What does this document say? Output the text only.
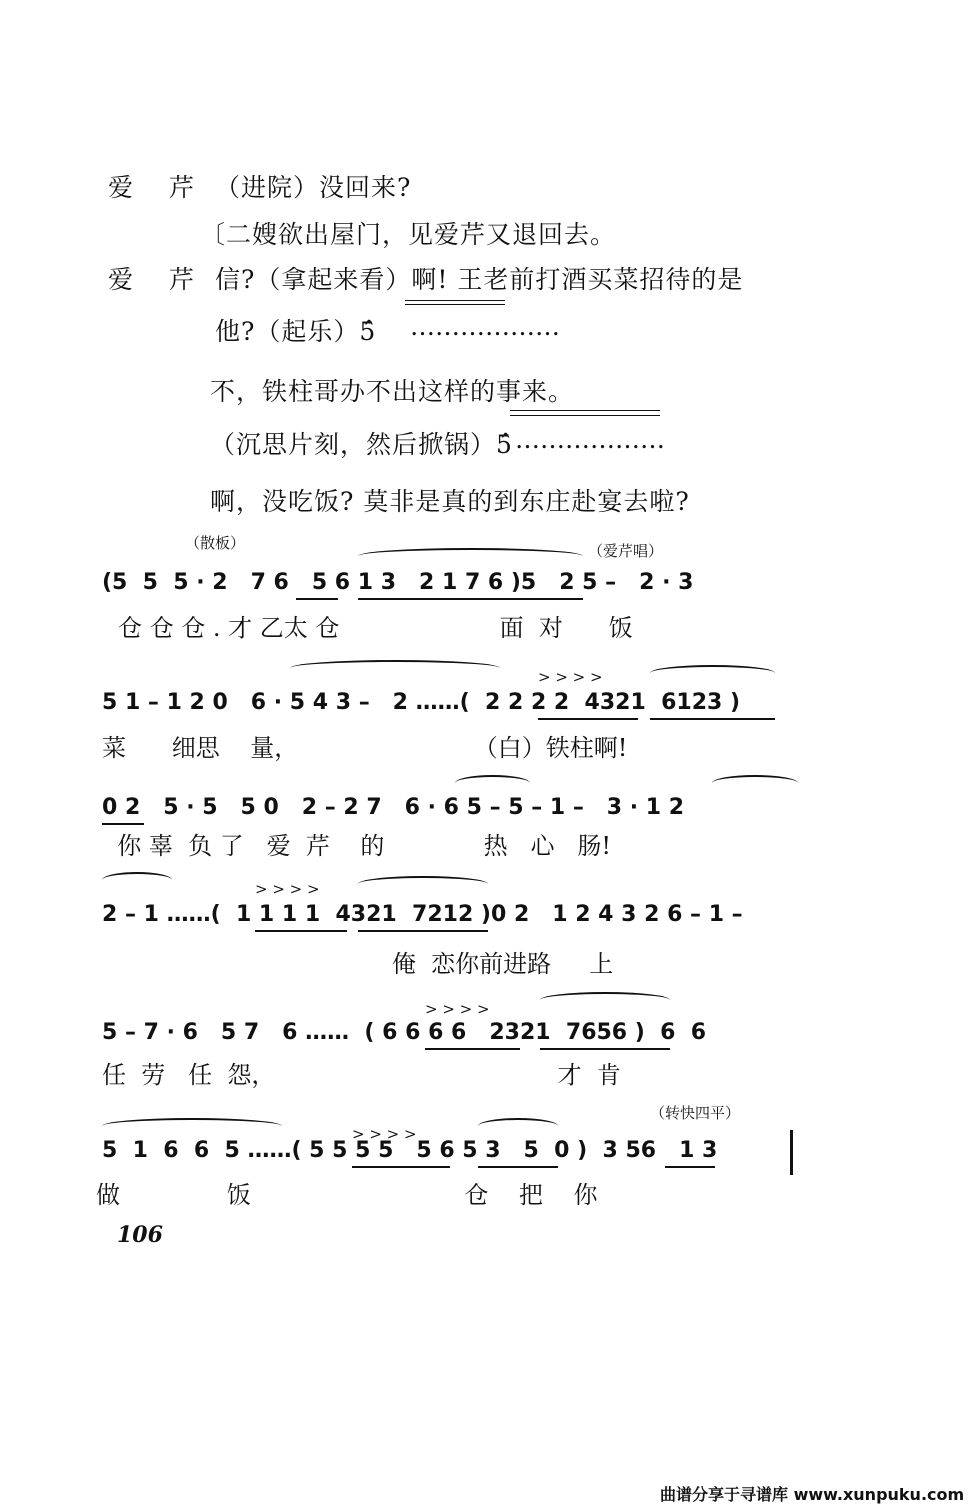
爱 芹 （进院）没回来?
〔二嫂欲出屋门，见爱芹又退回去。
爱 芹 信?（拿起来看）啊! 王老前打酒买菜招待的是
他?（起乐）5̂ ………………
不，铁柱哥办不出这样的事来。
（沉思片刻，然后掀锅）5̂ ………………
啊，没吃饭? 莫非是真的到东庄赴宴去啦?
（散板）	（爱芹唱）
（转快四平）
(5  5  5 · 2   7 6   5 6 1 3   2 1 7 6 )5   2 5 –   2 · 3
仓 仓 仓 . 才 乙太 仓                     面  对      饭
> > > >
5 1 – 1 2 0   6 · 5 4 3 –   2 ……(  2 2 2 2  4321  6123 )
菜      细思    量，                       （白）铁柱啊!
0 2   5 · 5   5 0   2 – 2 7   6 · 6 5 – 5 – 1 –   3 · 1 2
你 辜  负 了   爱  芹    的             热   心   肠!
> > > >
2 – 1 ……(  1 1 1 1  4321  7212 )0 2   1 2 4 3 2 6 – 1 –
俺  恋你前进路     上
> > > >
5 – 7 · 6   5 7   6 ……  ( 6 6 6 6   2321  7656 )  6  6
任  劳   任  怨，                                     才  肯
> > > >
5  1  6  6  5 ……( 5 5 5 5   5 6 5 3   5  0 )  3 56   1 3
做              饭                            仓    把    你
106
曲谱分享于寻谱库 www.xunpuku.com
